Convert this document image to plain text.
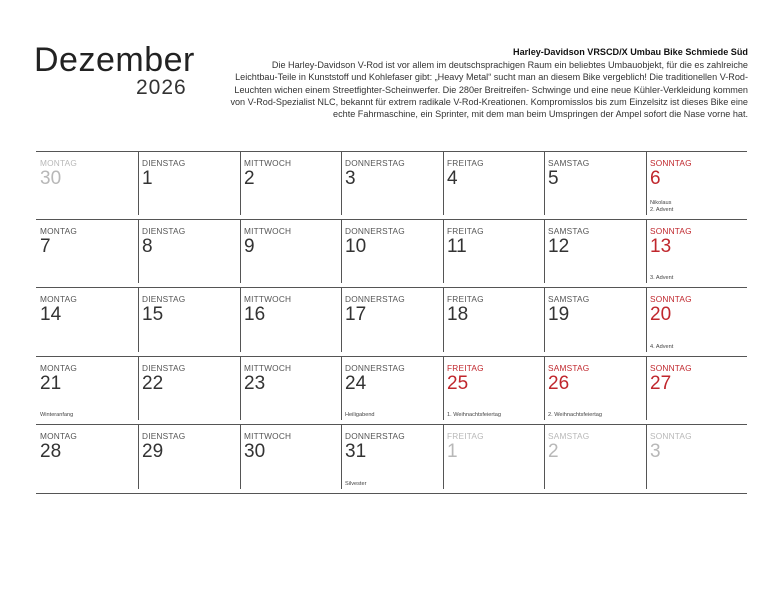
Dezember
2026
Harley-Davidson VRSCD/X Umbau Bike Schmiede Süd
Die Harley-Davidson V-Rod ist vor allem im deutschsprachigen Raum ein beliebtes Umbauobjekt, für die es zahlreiche Leichtbau-Teile in Kunststoff und Kohlefaser gibt: „Heavy Metal“ sucht man an diesem Bike vergeblich! Die traditionellen V-Rod-Leuchten wichen einem Streetfighter-Scheinwerfer. Die 280er Breitreifen- Schwinge und eine neue Kühler-Verkleidung kommen von V-Rod-Spezialist NLC, bekannt für extrem radikale V-Rod-Kreationen. Kompromisslos bis zum Einzelsitz ist dieses Bike eine echte Fahrmaschine, ein Sprinter, mit dem man beim Umspringen der Ampel sofort die Nase vorne hat.
MONTAG
30
DIENSTAG
1
MITTWOCH
2
DONNERSTAG
3
FREITAG
4
SAMSTAG
5
SONNTAG
6
Nikolaus
2. Advent
MONTAG
7
DIENSTAG
8
MITTWOCH
9
DONNERSTAG
10
FREITAG
11
SAMSTAG
12
SONNTAG
13
3. Advent
MONTAG
14
DIENSTAG
15
MITTWOCH
16
DONNERSTAG
17
FREITAG
18
SAMSTAG
19
SONNTAG
20
4. Advent
MONTAG
21
Winteranfang
DIENSTAG
22
MITTWOCH
23
DONNERSTAG
24
Heiligabend
FREITAG
25
1. Weihnachtsfeiertag
SAMSTAG
26
2. Weihnachtsfeiertag
SONNTAG
27
MONTAG
28
DIENSTAG
29
MITTWOCH
30
DONNERSTAG
31
Silvester
FREITAG
1
SAMSTAG
2
SONNTAG
3
